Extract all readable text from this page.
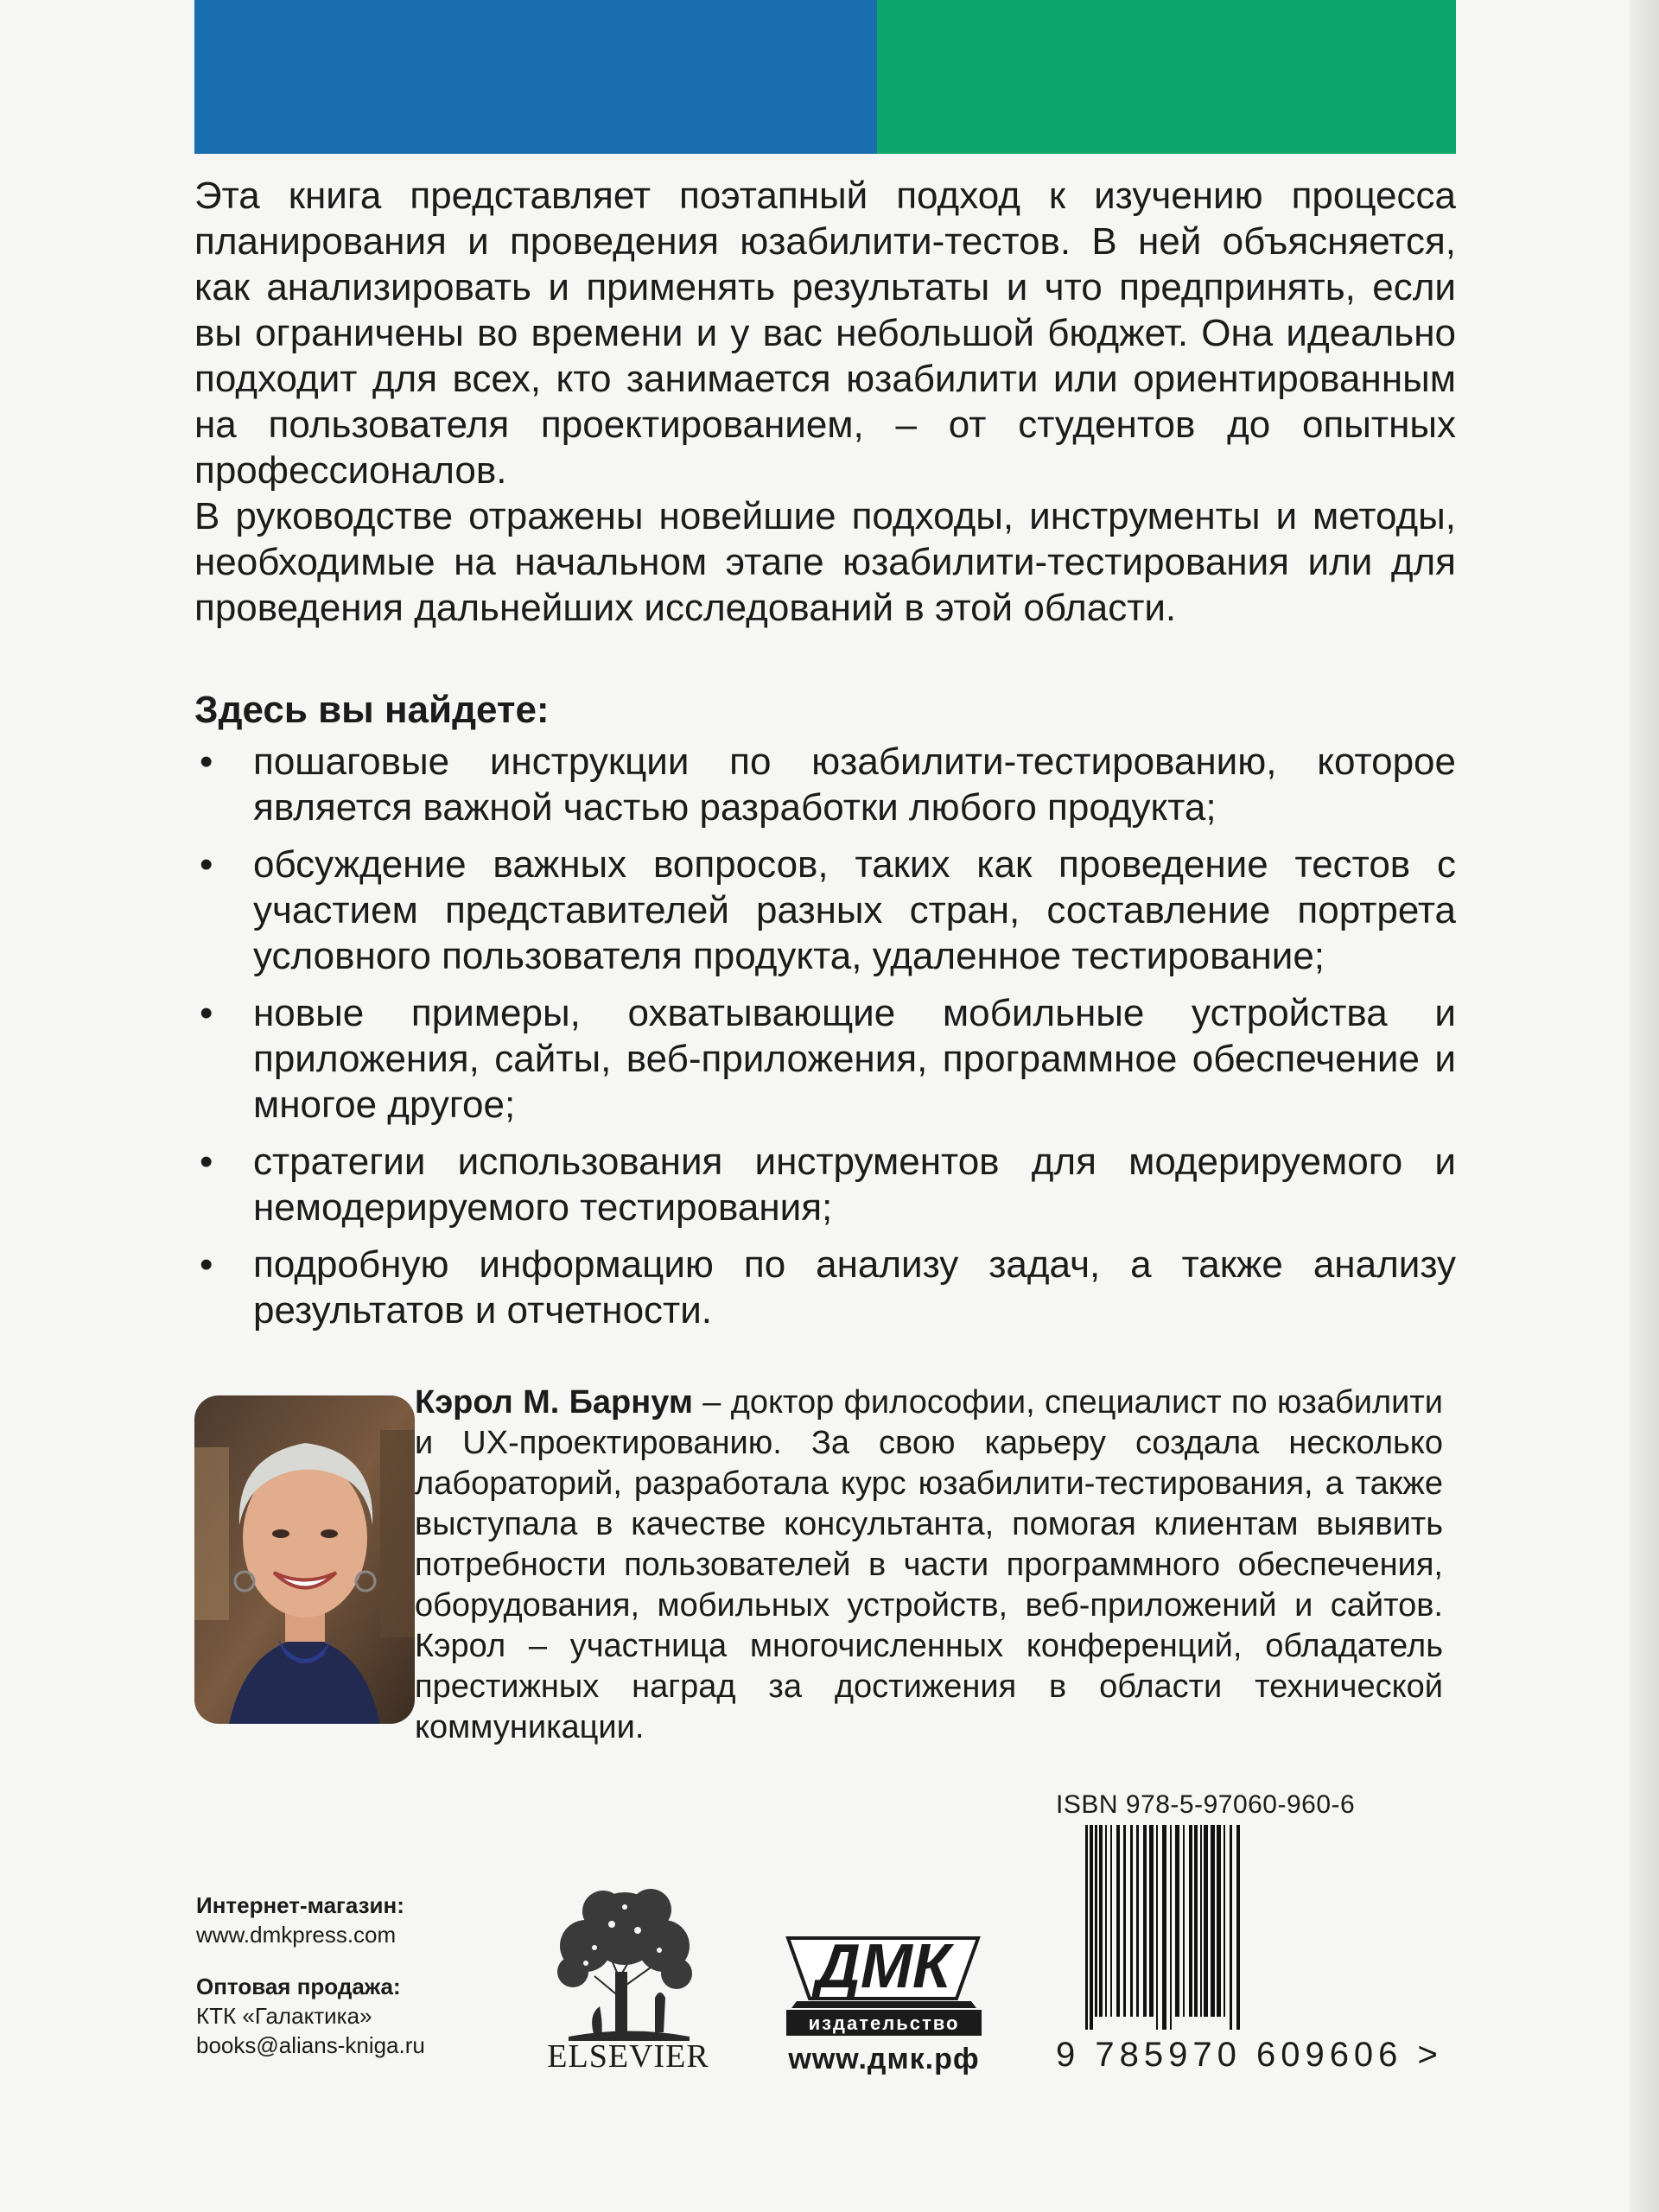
Эта книга представляет поэтапный подход к изучению процесса планирования и проведения юзабилити-тестов. В ней объясняется, как анализировать и применять результаты и что предпринять, если вы ограничены во времени и у вас небольшой бюджет. Она идеально подходит для всех, кто занимается юзабилити или ориентированным на пользователя проектированием, – от студентов до опытных профессионалов.

В руководстве отражены новейшие подходы, инструменты и методы, необходимые на начальном этапе юзабилити-тестирования или для проведения дальнейших исследований в этой области.

Здесь вы найдете:
• пошаговые инструкции по юзабилити-тестированию, которое является важной частью разработки любого продукта;
• обсуждение важных вопросов, таких как проведение тестов с участием представителей разных стран, составление портрета условного пользователя продукта, удаленное тестирование;
• новые примеры, охватывающие мобильные устройства и приложения, сайты, веб-приложения, программное обеспечение и многое другое;
• стратегии использования инструментов для модерируемого и немодерируемого тестирования;
• подробную информацию по анализу задач, а также анализу результатов и отчетности.

Кэрол М. Барнум – доктор философии, специалист по юзабилити и UX-проектированию. За свою карьеру создала несколько лабораторий, разработала курс юзабилити-тестирования, а также выступала в качестве консультанта, помогая клиентам выявить потребности пользователей в части программного обеспечения, оборудования, мобильных устройств, веб-приложений и сайтов. Кэрол – участница многочисленных конференций, обладатель престижных наград за достижения в области технической коммуникации.

Интернет-магазин:
www.dmkpress.com
Оптовая продажа:
КТК «Галактика»
books@alians-kniga.ru	ELSEVIER
ДМК
издательство
www.дмк.рф
ISBN 978-5-97060-960-6
9 785970 609606 >
